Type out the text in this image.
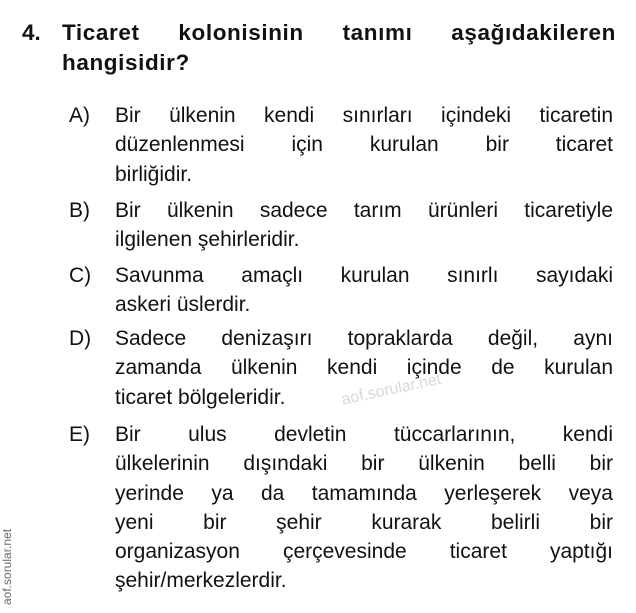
4. Ticaret kolonisinin tanımı aşağıdakileren
hangisidir?
A) Bir ülkenin kendi sınırları içindeki ticaretin
düzenlenmesi için kurulan bir ticaret
birliğidir.
B) Bir ülkenin sadece tarım ürünleri ticaretiyle
ilgilenen şehirleridir.
C) Savunma amaçlı kurulan sınırlı sayıdaki
askeri üslerdir.
D) Sadece denizaşırı topraklarda değil, aynı
zamanda ülkenin kendi içinde de kurulan
ticaret bölgeleridir.
E) Bir ulus devletin tüccarlarının, kendi
ülkelerinin dışındaki bir ülkenin belli bir
yerinde ya da tamamında yerleşerek veya
yeni bir şehir kurarak belirli bir
organizasyon çerçevesinde ticaret yaptığı
şehir/merkezlerdir.
aof.sorular.net
aof.sorular.net
